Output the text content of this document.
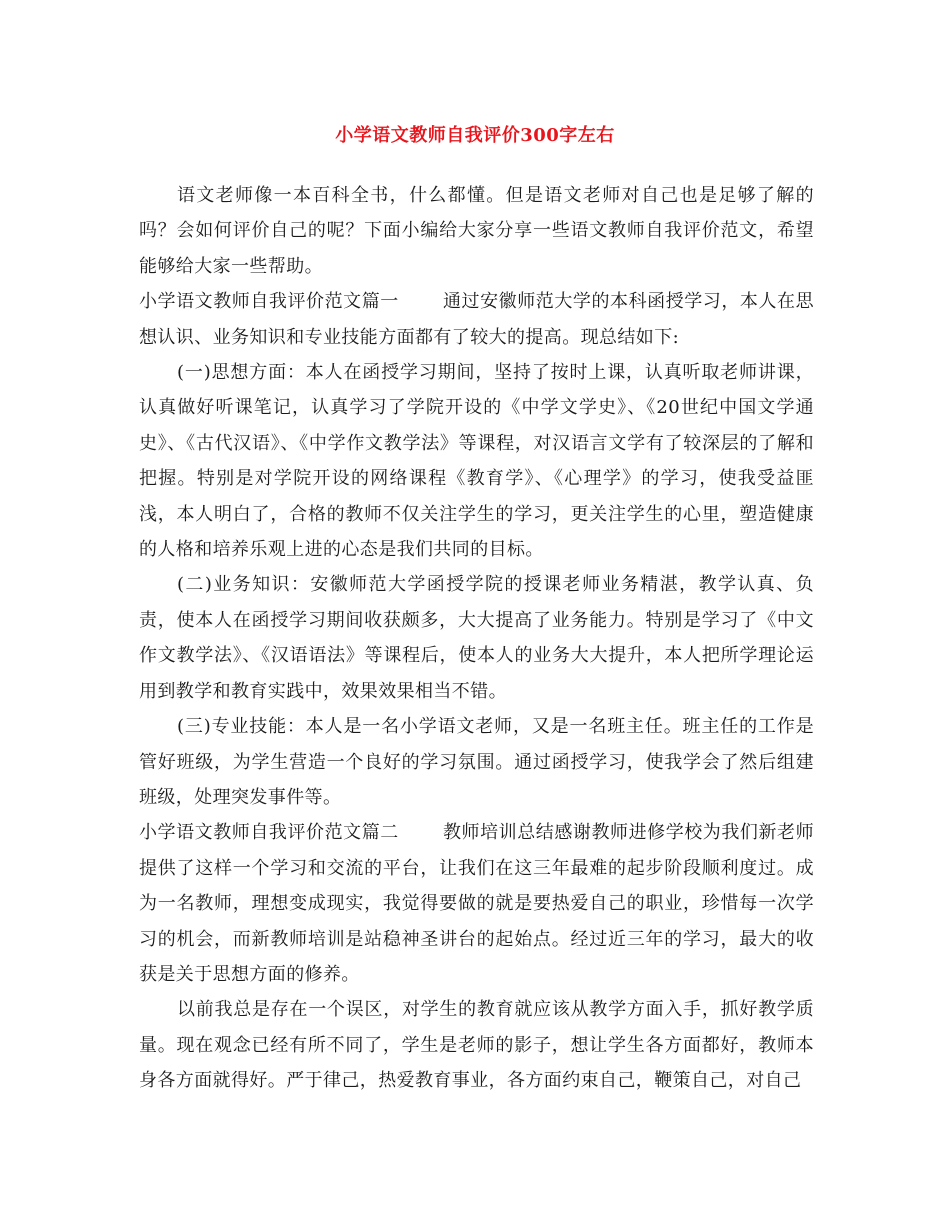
小学语文教师自我评价300字左右

语文老师像一本百科全书，什么都懂。但是语文老师对自己也是足够了解的吗？会如何评价自己的呢？下面小编给大家分享一些语文教师自我评价范文，希望能够给大家一些帮助。

小学语文教师自我评价范文篇一 通过安徽师范大学的本科函授学习，本人在思想认识、业务知识和专业技能方面都有了较大的提高。现总结如下:

(一)思想方面：本人在函授学习期间，坚持了按时上课，认真听取老师讲课，认真做好听课笔记，认真学习了学院开设的《中学文学史》、《20世纪中国文学通史》、《古代汉语》、《中学作文教学法》等课程，对汉语言文学有了较深层的了解和把握。特别是对学院开设的网络课程《教育学》、《心理学》的学习，使我受益匪浅，本人明白了，合格的教师不仅关注学生的学习，更关注学生的心里，塑造健康的人格和培养乐观上进的心态是我们共同的目标。

(二)业务知识：安徽师范大学函授学院的授课老师业务精湛，教学认真、负责，使本人在函授学习期间收获颇多，大大提高了业务能力。特别是学习了《中文作文教学法》、《汉语语法》等课程后，使本人的业务大大提升，本人把所学理论运用到教学和教育实践中，效果效果相当不错。

(三)专业技能：本人是一名小学语文老师，又是一名班主任。班主任的工作是管好班级，为学生营造一个良好的学习氛围。通过函授学习，使我学会了然后组建班级，处理突发事件等。

小学语文教师自我评价范文篇二 教师培训总结感谢教师进修学校为我们新老师提供了这样一个学习和交流的平台，让我们在这三年最难的起步阶段顺利度过。成为一名教师，理想变成现实，我觉得要做的就是要热爱自己的职业，珍惜每一次学习的机会，而新教师培训是站稳神圣讲台的起始点。经过近三年的学习，最大的收获是关于思想方面的修养。

以前我总是存在一个误区，对学生的教育就应该从教学方面入手，抓好教学质量。现在观念已经有所不同了，学生是老师的影子，想让学生各方面都好，教师本身各方面就得好。严于律己，热爱教育事业，各方面约束自己，鞭策自己，对自己
